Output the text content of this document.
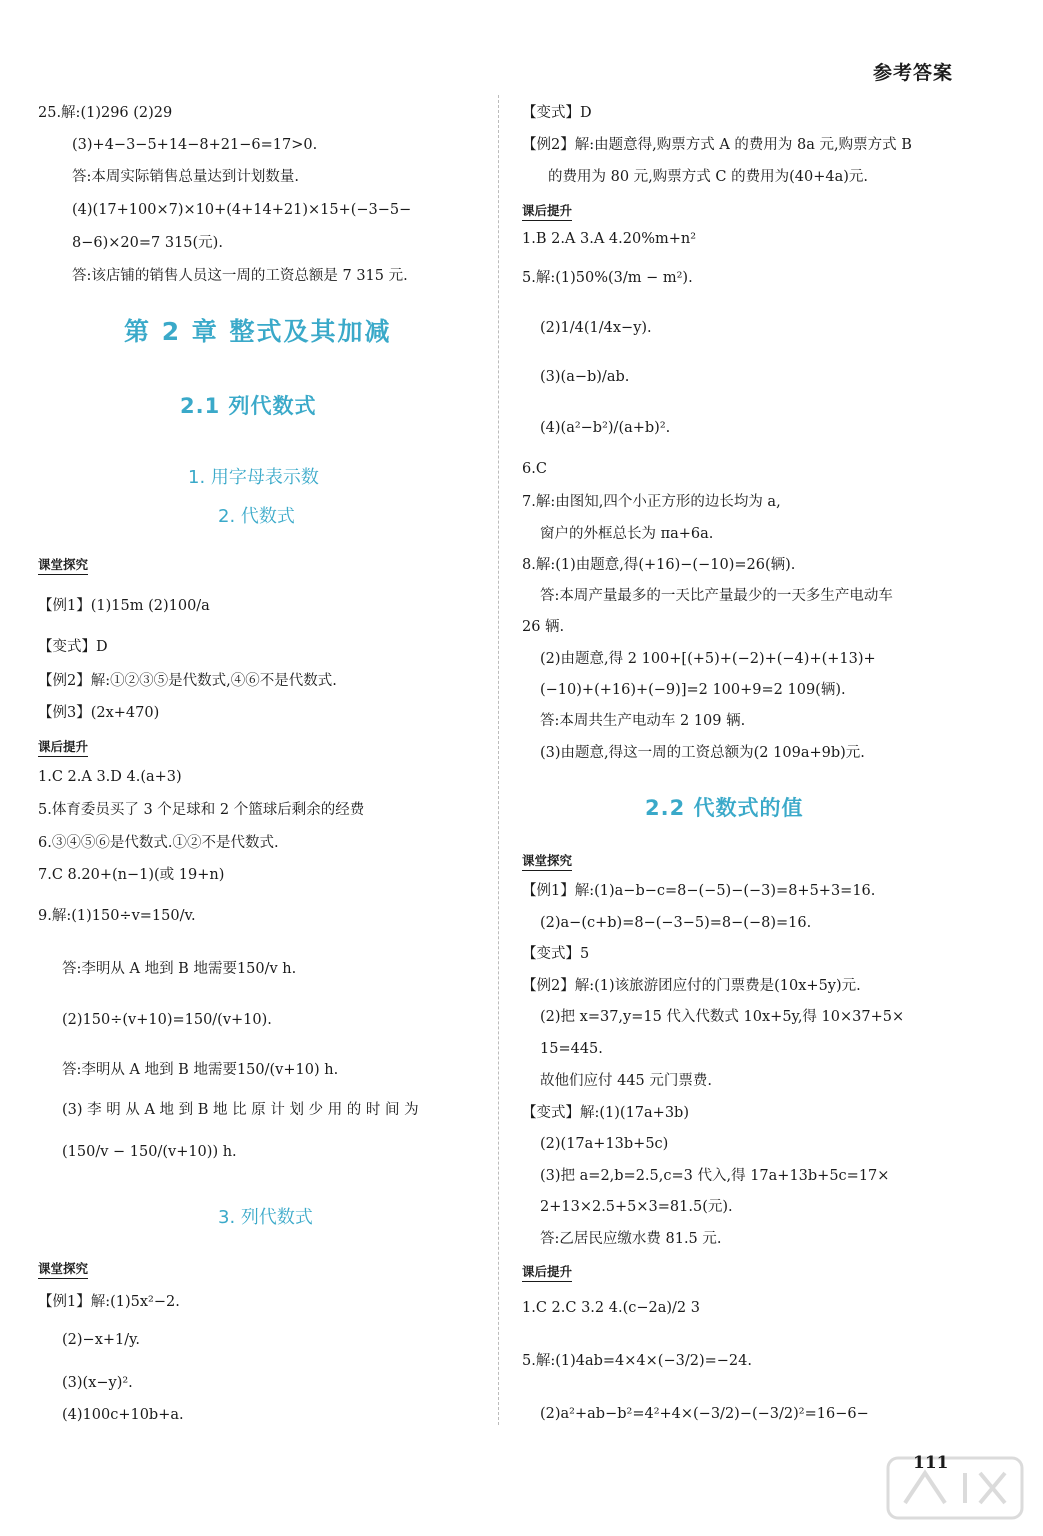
参考答案
25.解:(1)296 (2)29
(3)+4−3−5+14−8+21−6=17>0.
答:本周实际销售总量达到计划数量.
(4)(17+100×7)×10+(4+14+21)×15+(−3−5−
8−6)×20=7 315(元).
答:该店铺的销售人员这一周的工资总额是 7 315 元.
第 2 章 整式及其加减
2.1 列代数式
1. 用字母表示数
2. 代数式
课堂探究
【例1】(1)15m (2)100/a
【变式】D
【例2】解:①②③⑤是代数式,④⑥不是代数式.
【例3】(2x+470)
课后提升
1.C 2.A 3.D 4.(a+3)
5.体育委员买了 3 个足球和 2 个篮球后剩余的经费
6.③④⑤⑥是代数式.①②不是代数式.
7.C 8.20+(n−1)(或 19+n)
9.解:(1)150÷v=150/v.
答:李明从 A 地到 B 地需要150/v h.
(2)150÷(v+10)=150/(v+10).
答:李明从 A 地到 B 地需要150/(v+10) h.
(3) 李 明 从 A 地 到 B 地 比 原 计 划 少 用 的 时 间 为
(150/v − 150/(v+10)) h.
3. 列代数式
课堂探究
【例1】解:(1)5x²−2.
(2)−x+1/y.
(3)(x−y)².
(4)100c+10b+a.
【变式】D
【例2】解:由题意得,购票方式 A 的费用为 8a 元,购票方式 B
的费用为 80 元,购票方式 C 的费用为(40+4a)元.
课后提升
1.B 2.A 3.A 4.20%m+n²
5.解:(1)50%(3/m − m²).
(2)1/4(1/4x−y).
(3)(a−b)/ab.
(4)(a²−b²)/(a+b)².
6.C
7.解:由图知,四个小正方形的边长均为 a,
窗户的外框总长为 πa+6a.
8.解:(1)由题意,得(+16)−(−10)=26(辆).
答:本周产量最多的一天比产量最少的一天多生产电动车
26 辆.
(2)由题意,得 2 100+[(+5)+(−2)+(−4)+(+13)+
(−10)+(+16)+(−9)]=2 100+9=2 109(辆).
答:本周共生产电动车 2 109 辆.
(3)由题意,得这一周的工资总额为(2 109a+9b)元.
2.2 代数式的值
课堂探究
【例1】解:(1)a−b−c=8−(−5)−(−3)=8+5+3=16.
(2)a−(c+b)=8−(−3−5)=8−(−8)=16.
【变式】5
【例2】解:(1)该旅游团应付的门票费是(10x+5y)元.
(2)把 x=37,y=15 代入代数式 10x+5y,得 10×37+5×
15=445.
故他们应付 445 元门票费.
【变式】解:(1)(17a+3b)
(2)(17a+13b+5c)
(3)把 a=2,b=2.5,c=3 代入,得 17a+13b+5c=17×
2+13×2.5+5×3=81.5(元).
答:乙居民应缴水费 81.5 元.
课后提升
1.C 2.C 3.2 4.(c−2a)/2 3
5.解:(1)4ab=4×4×(−3/2)=−24.
(2)a²+ab−b²=4²+4×(−3/2)−(−3/2)²=16−6−
111
